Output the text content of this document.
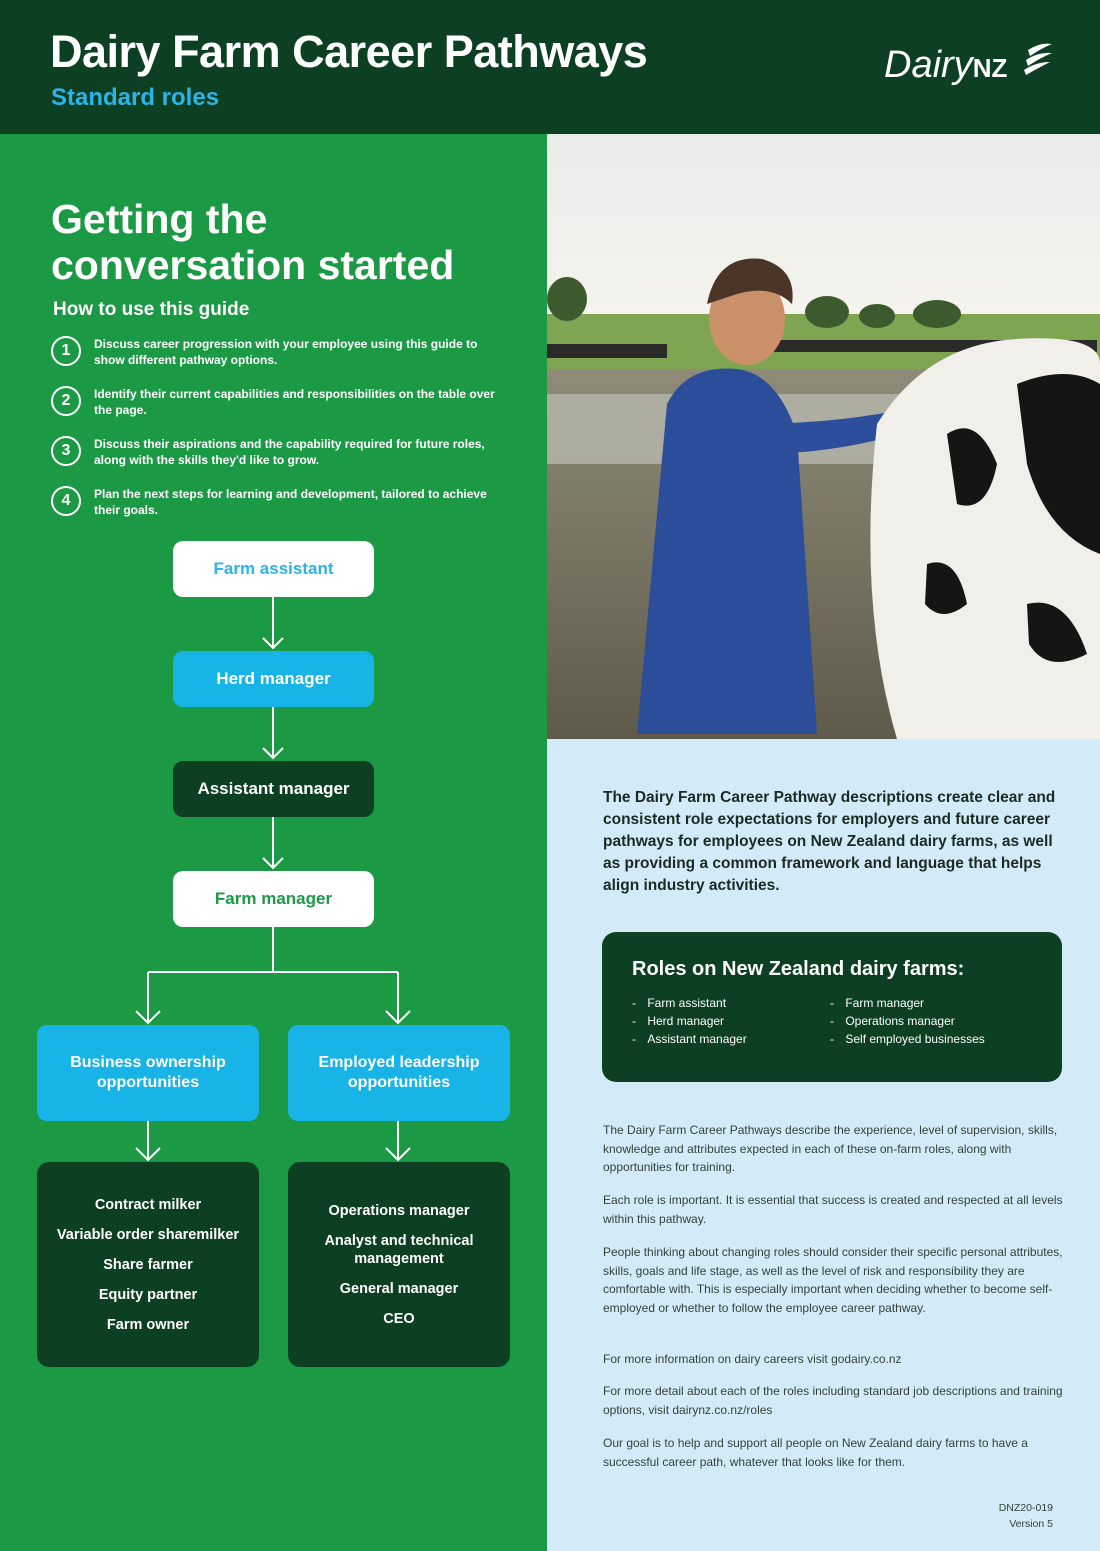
Dairy Farm Career Pathways
Standard roles
DairyNZ
Getting the conversation started
How to use this guide
1	Discuss career progression with your employee using this guide to show different pathway options.
2	Identify their current capabilities and responsibilities on the table over the page.
3	Discuss their aspirations and the capability required for future roles, along with the skills they'd like to grow.
4	Plan the next steps for learning and development, tailored to achieve their goals.
Farm assistant
Herd manager
Assistant manager
Farm manager
Business ownership opportunities
Employed leadership opportunities
Contract milker
Variable order sharemilker
Share farmer
Equity partner
Farm owner
Operations manager
Analyst and technical management
General manager
CEO
The Dairy Farm Career Pathway descriptions create clear and consistent role expectations for employers and future career pathways for employees on New Zealand dairy farms, as well as providing a common framework and language that helps align industry activities.
Roles on New Zealand dairy farms:
- Farm assistant
- Herd manager
- Assistant manager
- Farm manager
- Operations manager
- Self employed businesses
The Dairy Farm Career Pathways describe the experience, level of supervision, skills, knowledge and attributes expected in each of these on-farm roles, along with opportunities for training.
Each role is important. It is essential that success is created and respected at all levels within this pathway.
People thinking about changing roles should consider their specific personal attributes, skills, goals and life stage, as well as the level of risk and responsibility they are comfortable with. This is especially important when deciding whether to become self-employed or whether to follow the employee career pathway.
For more information on dairy careers visit godairy.co.nz
For more detail about each of the roles including standard job descriptions and training options, visit dairynz.co.nz/roles
Our goal is to help and support all people on New Zealand dairy farms to have a successful career path, whatever that looks like for them.
DNZ20-019
Version 5
